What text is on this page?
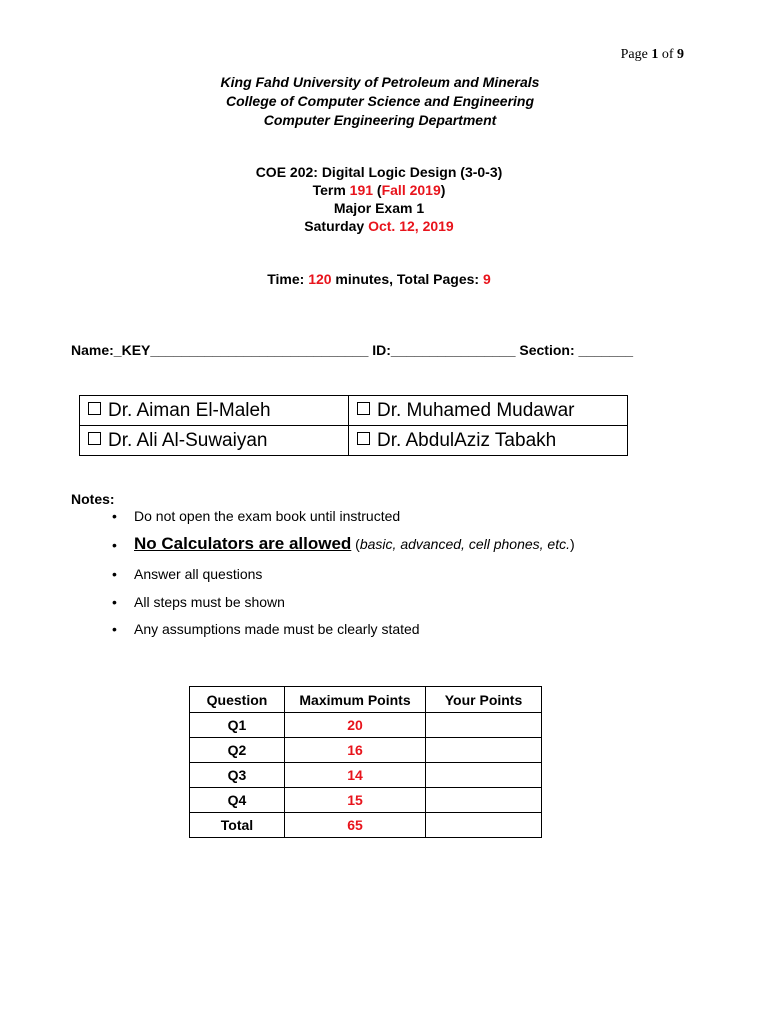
Page 1 of 9
King Fahd University of Petroleum and Minerals
College of Computer Science and Engineering
Computer Engineering Department
COE 202: Digital Logic Design (3-0-3)
Term 191 (Fall 2019)
Major Exam 1
Saturday Oct. 12, 2019
Time: 120 minutes, Total Pages: 9
Name:_KEY____________________________ ID:________________ Section: _______
Dr. Aiman El-Maleh	Dr. Muhamed Mudawar
Dr. Ali Al-Suwaiyan	Dr. AbdulAziz Tabakh
Notes:
• Do not open the exam book until instructed
• No Calculators are allowed (basic, advanced, cell phones, etc.)
• Answer all questions
• All steps must be shown
• Any assumptions made must be clearly stated
Question	Maximum Points	Your Points
Q1	20	
Q2	16	
Q3	14	
Q4	15	
Total	65	
